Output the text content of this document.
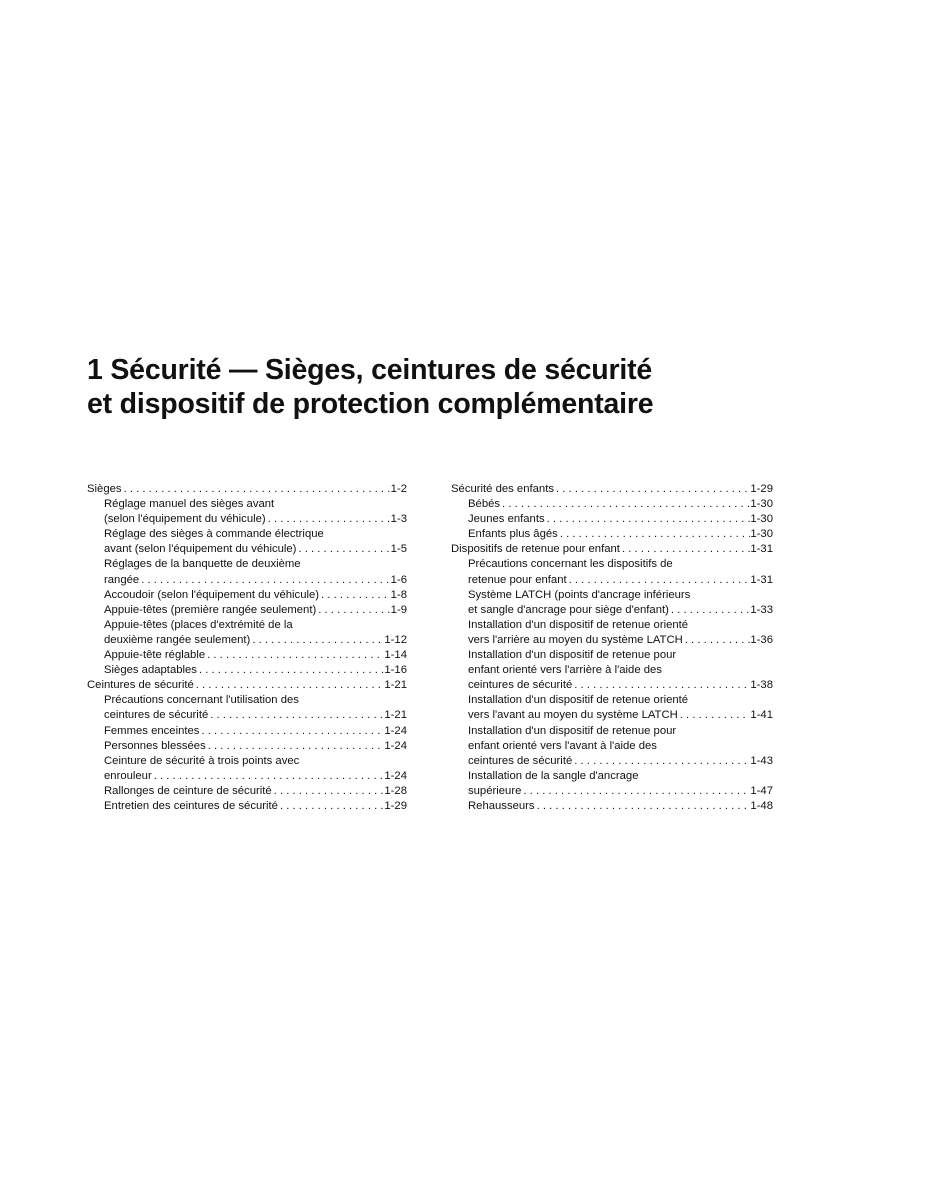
1 Sécurité — Sièges, ceintures de sécurité
et dispositif de protection complémentaire
Sièges . . .	1-2
Réglage manuel des sièges avant
(selon l'équipement du véhicule) . . .	1-3
Réglage des sièges à commande électrique
avant (selon l'équipement du véhicule) . . .	1-5
Réglages de la banquette de deuxième
rangée . . .	1-6
Accoudoir (selon l'équipement du véhicule) . . .	1-8
Appuie-têtes (première rangée seulement) . . .	1-9
Appuie-têtes (places d'extrémité de la
deuxième rangée seulement) . . .	1-12
Appuie-tête réglable . . .	1-14
Sièges adaptables . . .	1-16
Ceintures de sécurité . . .	1-21
Précautions concernant l'utilisation des
ceintures de sécurité . . .	1-21
Femmes enceintes . . .	1-24
Personnes blessées . . .	1-24
Ceinture de sécurité à trois points avec
enrouleur . . .	1-24
Rallonges de ceinture de sécurité . . .	1-28
Entretien des ceintures de sécurité . . .	1-29
Sécurité des enfants . . .	1-29
Bébés . . .	1-30
Jeunes enfants . . .	1-30
Enfants plus âgés . . .	1-30
Dispositifs de retenue pour enfant . . .	1-31
Précautions concernant les dispositifs de
retenue pour enfant . . .	1-31
Système LATCH (points d'ancrage inférieurs
et sangle d'ancrage pour siège d'enfant) . . .	1-33
Installation d'un dispositif de retenue orienté
vers l'arrière au moyen du système LATCH . . .	1-36
Installation d'un dispositif de retenue pour
enfant orienté vers l'arrière à l'aide des
ceintures de sécurité . . .	1-38
Installation d'un dispositif de retenue orienté
vers l'avant au moyen du système LATCH . . .	1-41
Installation d'un dispositif de retenue pour
enfant orienté vers l'avant à l'aide des
ceintures de sécurité . . .	1-43
Installation de la sangle d'ancrage
supérieure . . .	1-47
Rehausseurs . . .	1-48
